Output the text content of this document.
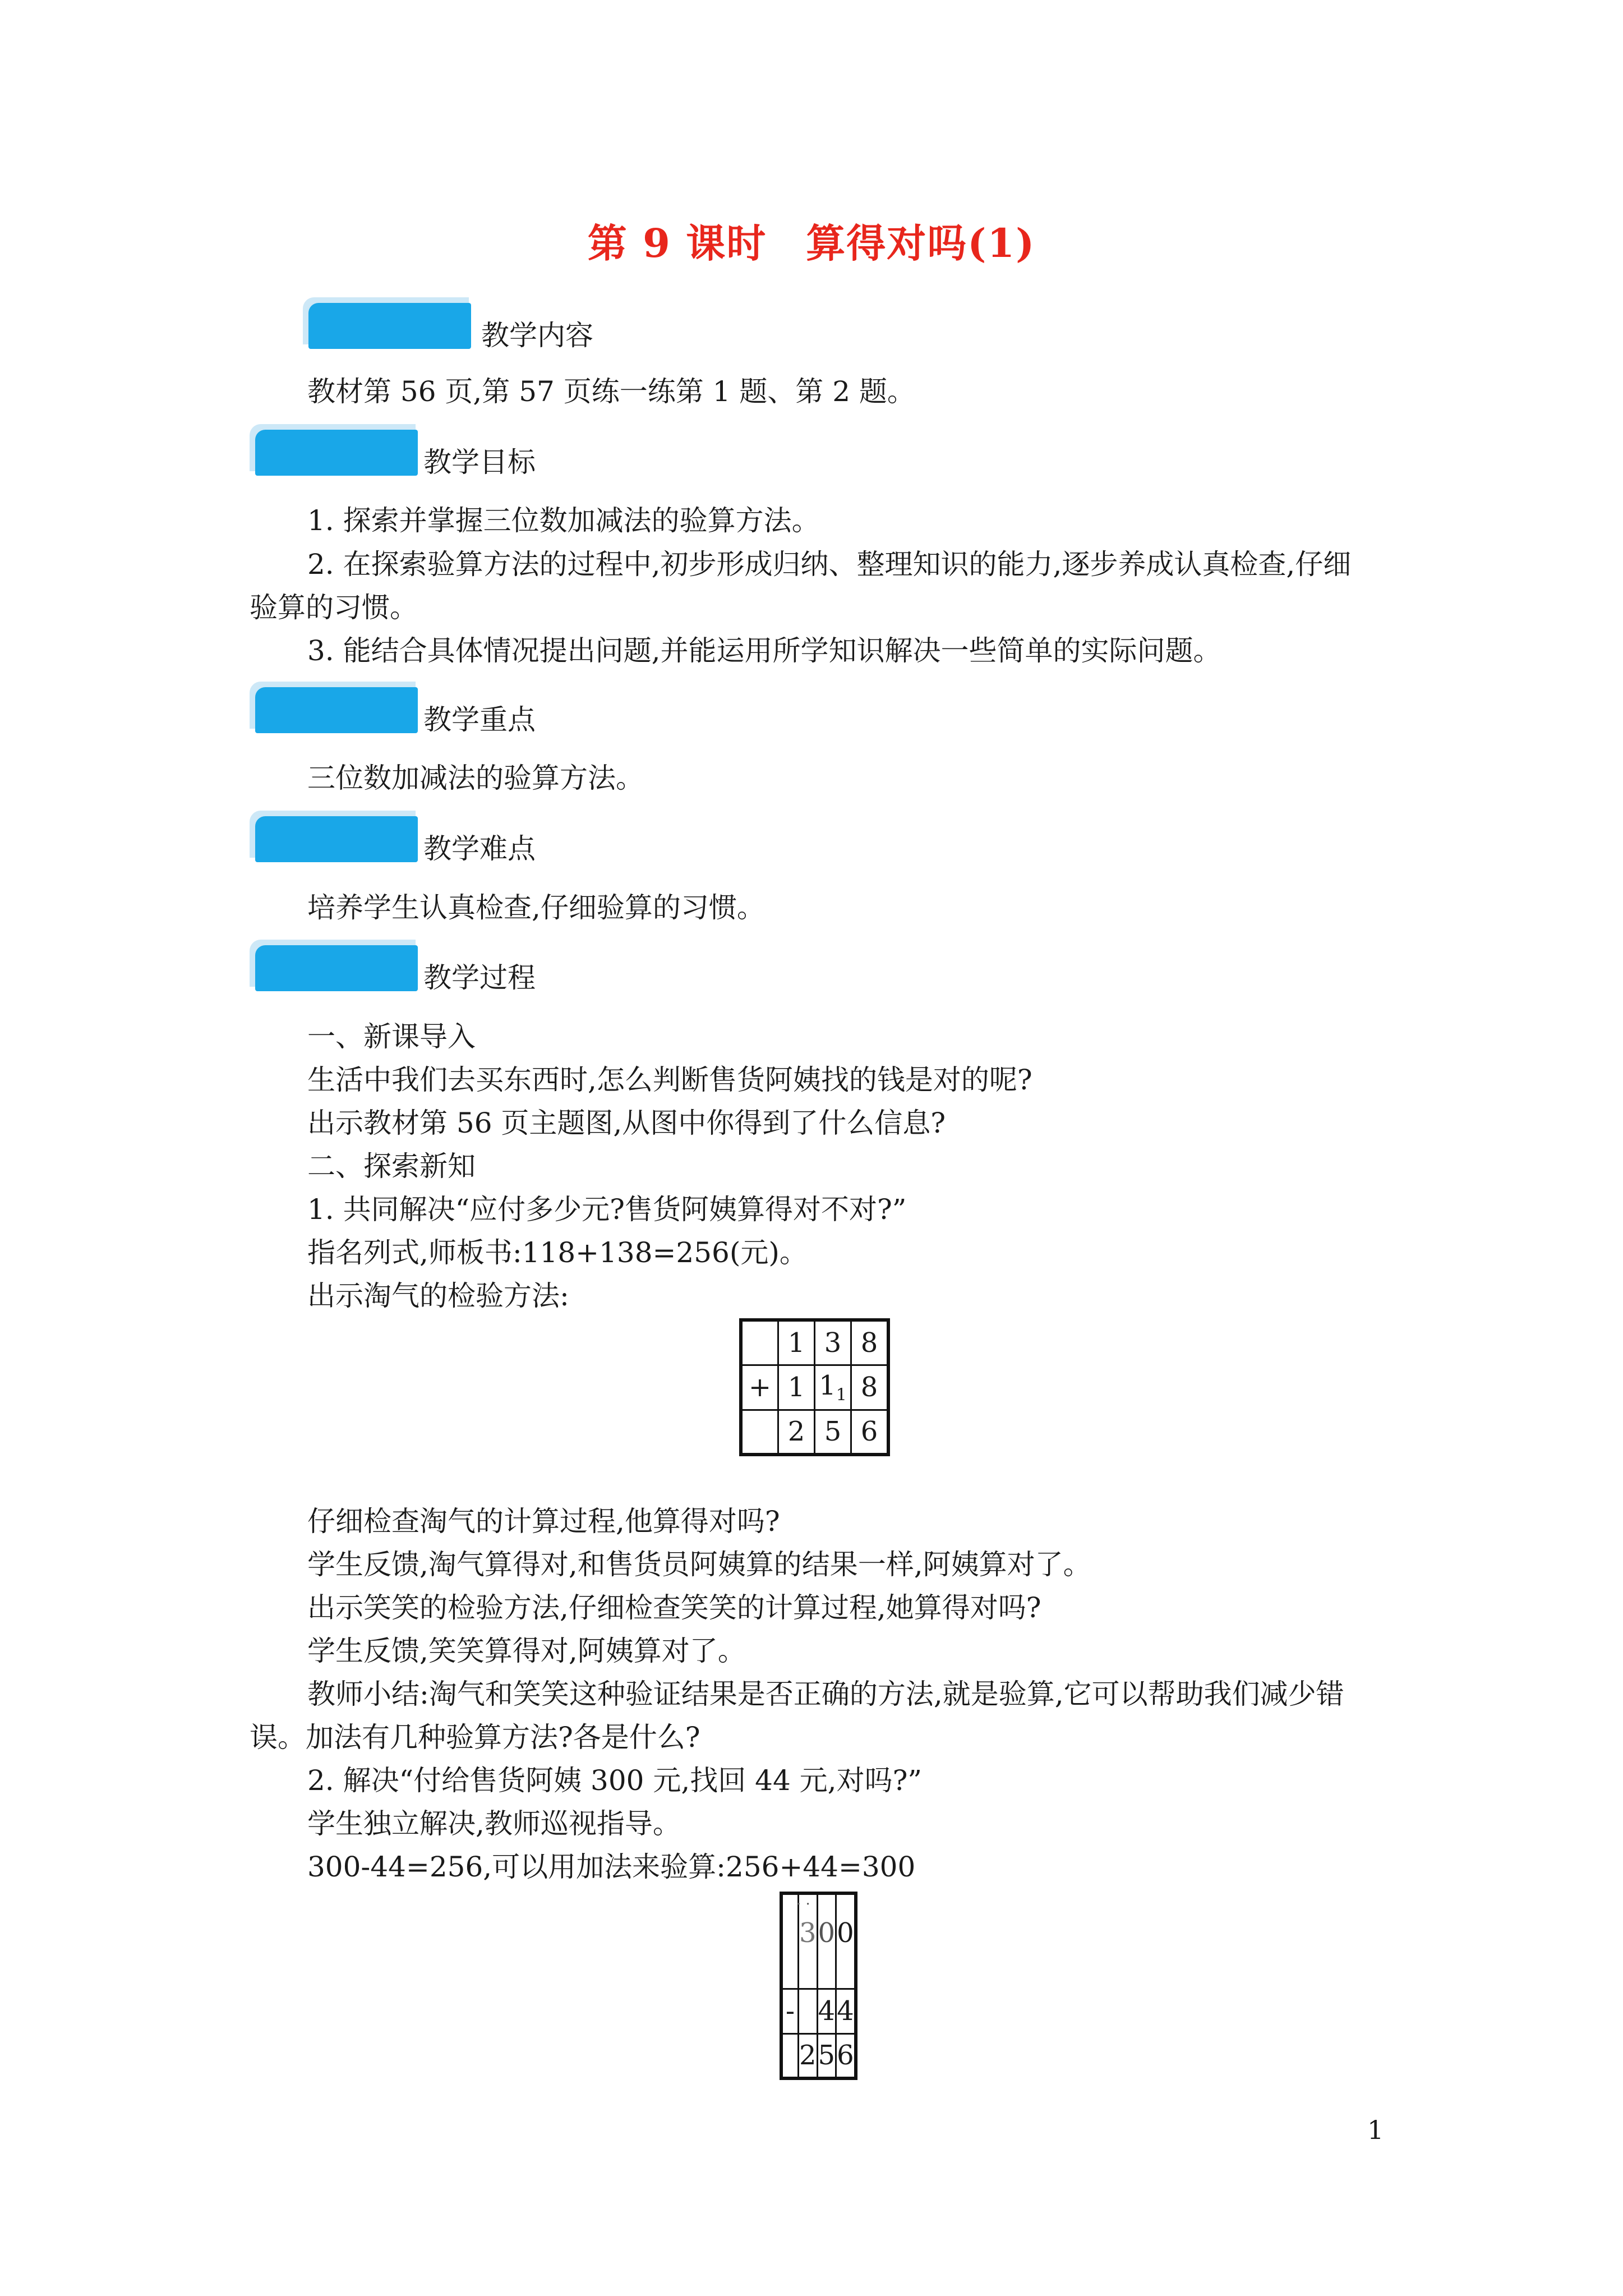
第 9 课时 算得对吗(1)
教学内容
教材第 56 页,第 57 页练一练第 1 题、第 2 题。
教学目标
1. 探索并掌握三位数加减法的验算方法。
2. 在探索验算方法的过程中,初步形成归纳、整理知识的能力,逐步养成认真检查,仔细
验算的习惯。
3. 能结合具体情况提出问题,并能运用所学知识解决一些简单的实际问题。
教学重点
三位数加减法的验算方法。
教学难点
培养学生认真检查,仔细验算的习惯。
教学过程
一、新课导入
生活中我们去买东西时,怎么判断售货阿姨找的钱是对的呢?
出示教材第 56 页主题图,从图中你得到了什么信息?
二、探索新知
1. 共同解决“应付多少元?售货阿姨算得对不对?”
指名列式,师板书:118+138=256(元)。
出示淘气的检验方法:
	1	3	8
+	1	$1_1$	8
	2	5	6
仔细检查淘气的计算过程,他算得对吗?
学生反馈,淘气算得对,和售货员阿姨算的结果一样,阿姨算对了。
出示笑笑的检验方法,仔细检查笑笑的计算过程,她算得对吗?
学生反馈,笑笑算得对,阿姨算对了。
教师小结:淘气和笑笑这种验证结果是否正确的方法,就是验算,它可以帮助我们减少错
误。加法有几种验算方法?各是什么?
2. 解决“付给售货阿姨 300 元,找回 44 元,对吗?”
学生独立解决,教师巡视指导。
300-44=256,可以用加法来验算:256+44=300
	3	0	0
-		4	4
	2	5	6
· ·
1
